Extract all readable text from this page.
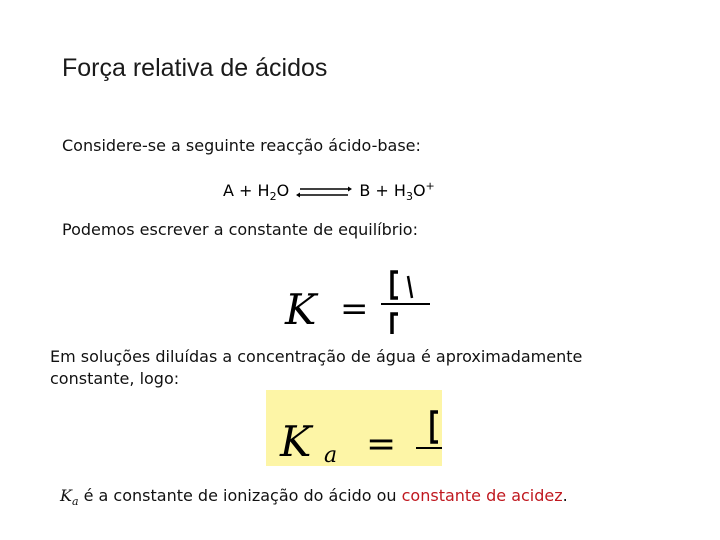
Força relativa de ácidos
Considere-se a seguinte reacção ácido-base:
$A + H_2O$ ⇌ $B + H_3O^+$
Podemos escrever a constante de equilíbrio:
K =
Em soluções diluídas a concentração de água é aproximadamente
constante, logo:
K a =
$K_a$ é a constante de ionização do ácido ou constante de acidez.
